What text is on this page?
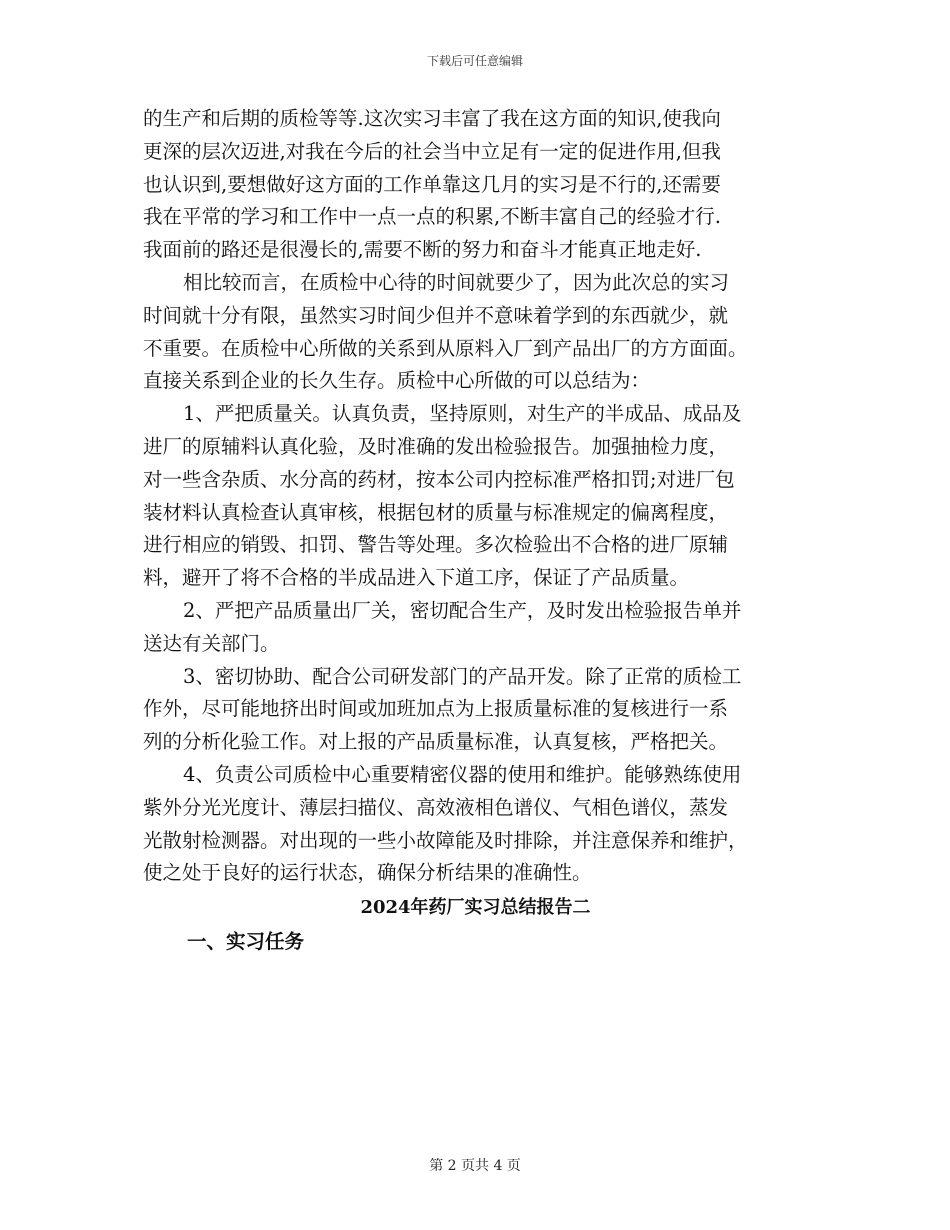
下载后可任意编辑
的生产和后期的质检等等.这次实习丰富了我在这方面的知识,使我向
更深的层次迈进,对我在今后的社会当中立足有一定的促进作用,但我
也认识到,要想做好这方面的工作单靠这几月的实习是不行的,还需要
我在平常的学习和工作中一点一点的积累,不断丰富自己的经验才行.
我面前的路还是很漫长的,需要不断的努力和奋斗才能真正地走好.
相比较而言，在质检中心待的时间就要少了，因为此次总的实习
时间就十分有限，虽然实习时间少但并不意味着学到的东西就少，就
不重要。在质检中心所做的关系到从原料入厂到产品出厂的方方面面。
直接关系到企业的长久生存。质检中心所做的可以总结为：
1、严把质量关。认真负责，坚持原则，对生产的半成品、成品及
进厂的原辅料认真化验，及时准确的发出检验报告。加强抽检力度，
对一些含杂质、水分高的药材，按本公司内控标准严格扣罚;对进厂包
装材料认真检查认真审核，根据包材的质量与标准规定的偏离程度，
进行相应的销毁、扣罚、警告等处理。多次检验出不合格的进厂原辅
料，避开了将不合格的半成品进入下道工序，保证了产品质量。
2、严把产品质量出厂关，密切配合生产，及时发出检验报告单并
送达有关部门。
3、密切协助、配合公司研发部门的产品开发。除了正常的质检工
作外，尽可能地挤出时间或加班加点为上报质量标准的复核进行一系
列的分析化验工作。对上报的产品质量标准，认真复核，严格把关。
4、负责公司质检中心重要精密仪器的使用和维护。能够熟练使用
紫外分光光度计、薄层扫描仪、高效液相色谱仪、气相色谱仪，蒸发
光散射检测器。对出现的一些小故障能及时排除，并注意保养和维护，
使之处于良好的运行状态，确保分析结果的准确性。
2024年药厂实习总结报告二
一、实习任务
第 2 页共 4 页
